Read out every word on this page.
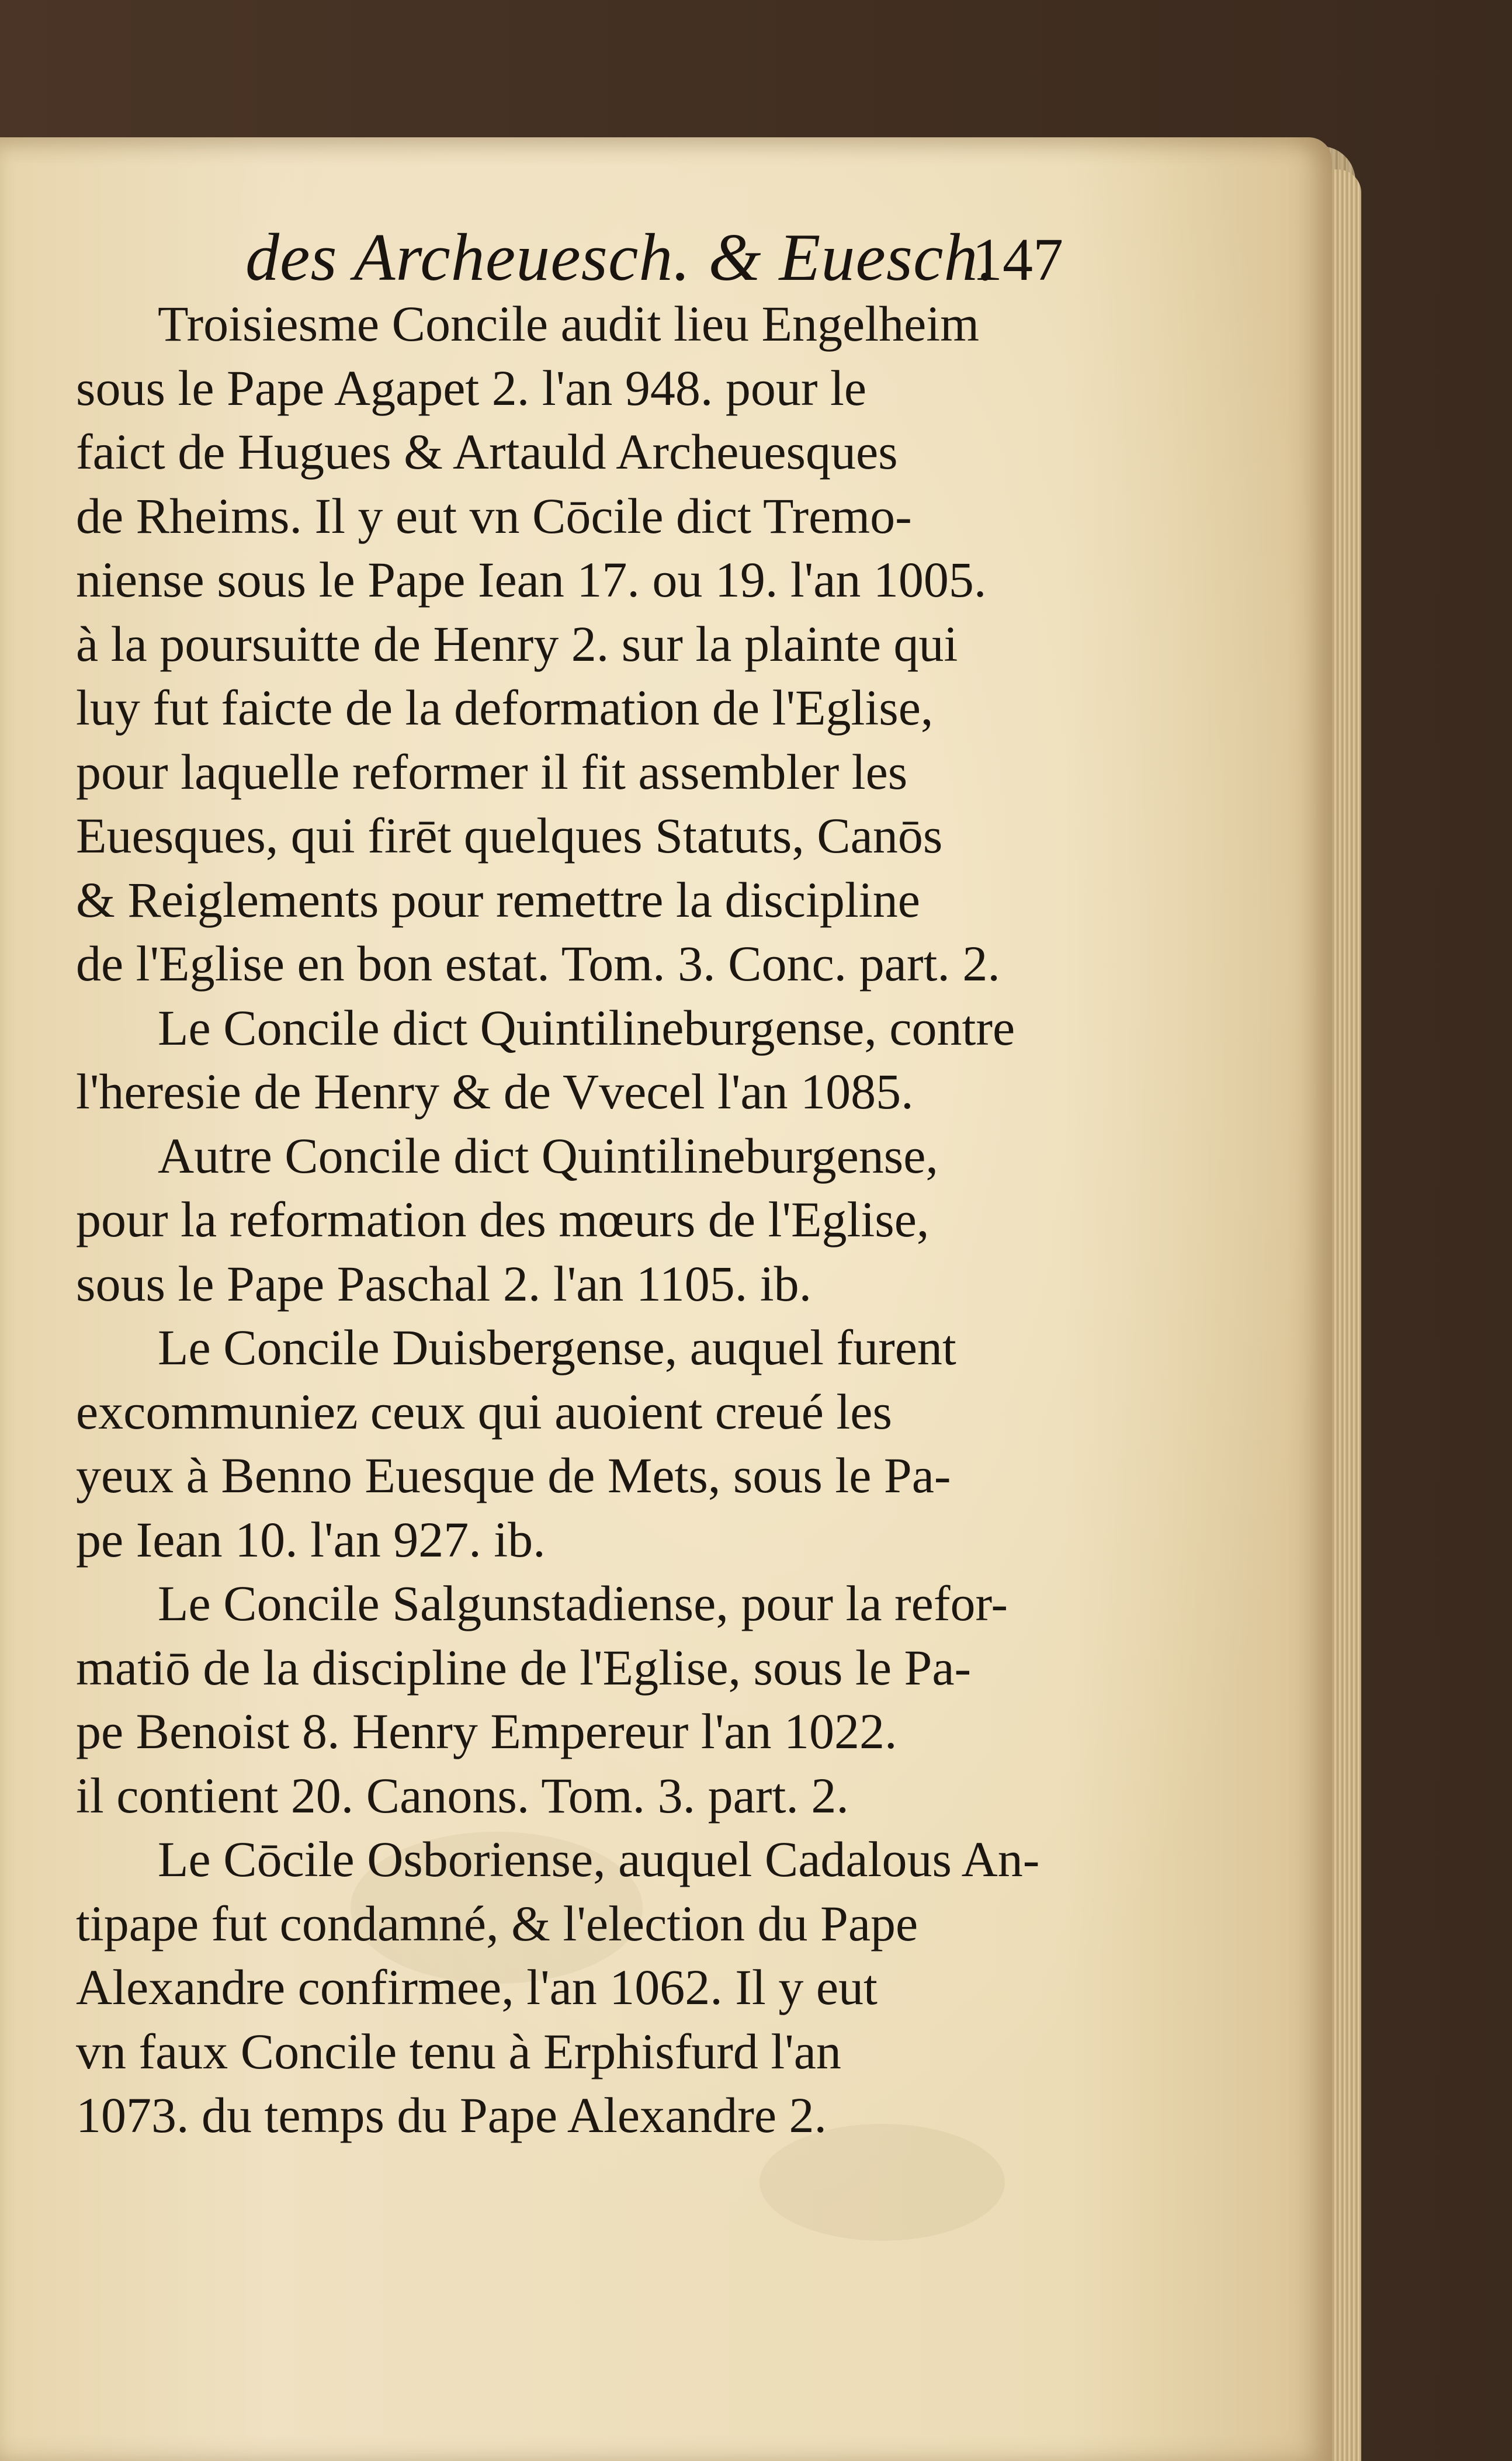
des Archeuesch. & Euesch.
147
Troisiesme Concile audit lieu Engelheim
sous le Pape Agapet 2. l'an 948. pour le
faict de Hugues & Artauld Archeuesques
de Rheims. Il y eut vn Cōcile dict Tremo-
niense sous le Pape Iean 17. ou 19. l'an 1005.
à la poursuitte de Henry 2. sur la plainte qui
luy fut faicte de la deformation de l'Eglise,
pour laquelle reformer il fit assembler les
Euesques, qui firēt quelques Statuts, Canōs
& Reiglements pour remettre la discipline
de l'Eglise en bon estat. Tom. 3. Conc. part. 2.
Le Concile dict Quintilineburgense, contre
l'heresie de Henry & de Vvecel l'an 1085.
Autre Concile dict Quintilineburgense,
pour la reformation des mœurs de l'Eglise,
sous le Pape Paschal 2. l'an 1105. ib.
Le Concile Duisbergense, auquel furent
excommuniez ceux qui auoient creué les
yeux à Benno Euesque de Mets, sous le Pa-
pe Iean 10. l'an 927. ib.
Le Concile Salgunstadiense, pour la refor-
matiō de la discipline de l'Eglise, sous le Pa-
pe Benoist 8. Henry Empereur l'an 1022.
il contient 20. Canons. Tom. 3. part. 2.
Le Cōcile Osboriense, auquel Cadalous An-
tipape fut condamné, & l'election du Pape
Alexandre confirmee, l'an 1062. Il y eut
vn faux Concile tenu à Erphisfurd l'an
1073. du temps du Pape Alexandre 2.
